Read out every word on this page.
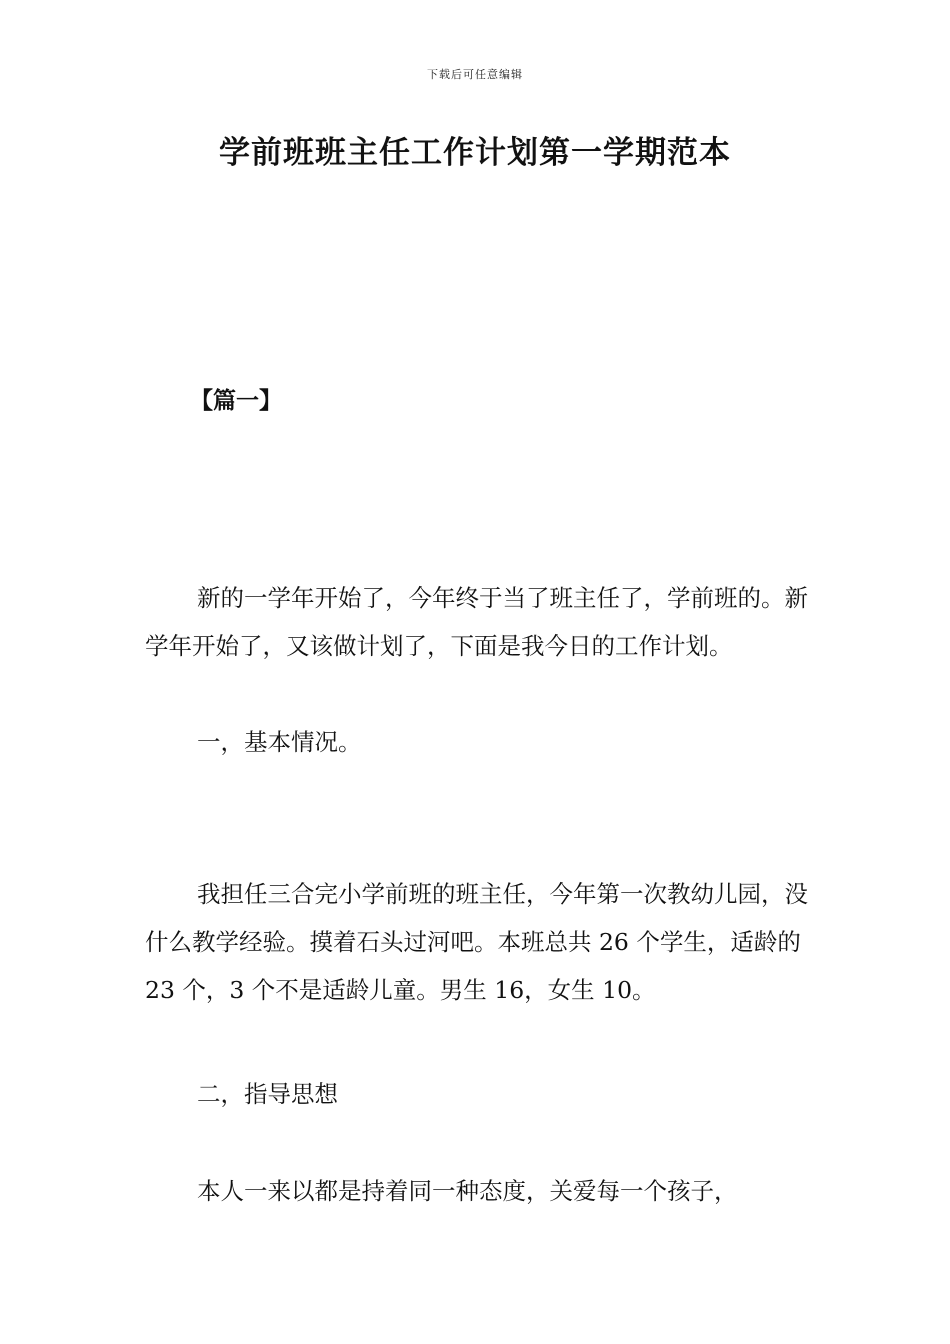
下载后可任意编辑
学前班班主任工作计划第一学期范本
【篇一】

新的一学年开始了，今年终于当了班主任了，学前班的。新学年开始了，又该做计划了，下面是我今日的工作计划。

一，基本情况。

我担任三合完小学前班的班主任，今年第一次教幼儿园，没什么教学经验。摸着石头过河吧。本班总共 26 个学生，适龄的 23 个，3 个不是适龄儿童。男生 16，女生 10。

二，指导思想

本人一来以都是持着同一种态度，关爱每一个孩子，
